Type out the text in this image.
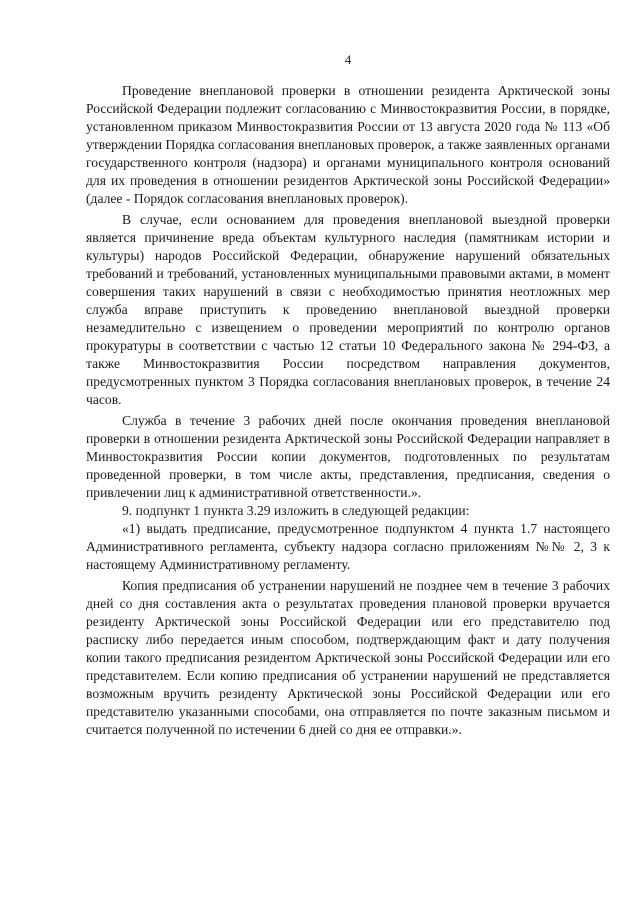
4

Проведение внеплановой проверки в отношении резидента Арктической зоны Российской Федерации подлежит согласованию с Минвостокразвития России, в порядке, установленном приказом Минвостокразвития России от 13 августа 2020 года № 113 «Об утверждении Порядка согласования внеплановых проверок, а также заявленных органами государственного контроля (надзора) и органами муниципального контроля оснований для их проведения в отношении резидентов Арктической зоны Российской Федерации» (далее - Порядок согласования внеплановых проверок).

В случае, если основанием для проведения внеплановой выездной проверки является причинение вреда объектам культурного наследия (памятникам истории и культуры) народов Российской Федерации, обнаружение нарушений обязательных требований и требований, установленных муниципальными правовыми актами, в момент совершения таких нарушений в связи с необходимостью принятия неотложных мер служба вправе приступить к проведению внеплановой выездной проверки незамедлительно с извещением о проведении мероприятий по контролю органов прокуратуры в соответствии с частью 12 статьи 10 Федерального закона № 294-ФЗ, а также Минвостокразвития России посредством направления документов, предусмотренных пунктом 3 Порядка согласования внеплановых проверок, в течение 24 часов.

Служба в течение 3 рабочих дней после окончания проведения внеплановой проверки в отношении резидента Арктической зоны Российской Федерации направляет в Минвостокразвития России копии документов, подготовленных по результатам проведенной проверки, в том числе акты, представления, предписания, сведения о привлечении лиц к административной ответственности.».

9. подпункт 1 пункта 3.29 изложить в следующей редакции:

«1) выдать предписание, предусмотренное подпунктом 4 пункта 1.7 настоящего Административного регламента, субъекту надзора согласно приложениям №№ 2, 3 к настоящему Административному регламенту.

Копия предписания об устранении нарушений не позднее чем в течение 3 рабочих дней со дня составления акта о результатах проведения плановой проверки вручается резиденту Арктической зоны Российской Федерации или его представителю под расписку либо передается иным способом, подтверждающим факт и дату получения копии такого предписания резидентом Арктической зоны Российской Федерации или его представителем. Если копию предписания об устранении нарушений не представляется возможным вручить резиденту Арктической зоны Российской Федерации или его представителю указанными способами, она отправляется по почте заказным письмом и считается полученной по истечении 6 дней со дня ее отправки.».
